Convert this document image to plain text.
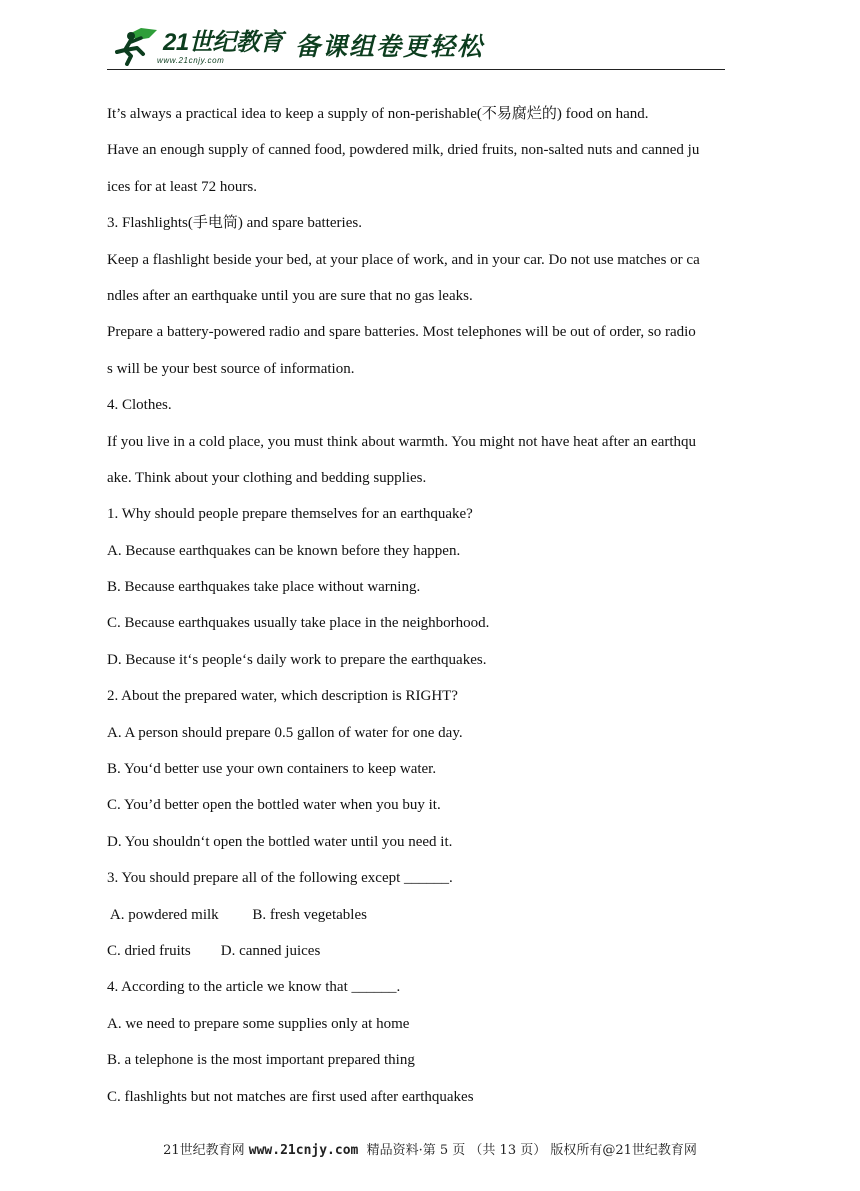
21世纪教育
www.21cnjy.com	备课组卷更轻松
It’s always a practical idea to keep a supply of non-perishable(不易腐烂的) food on hand.
Have an enough supply of canned food, powdered milk, dried fruits, non-salted nuts and canned ju
ices for at least 72 hours.
3. Flashlights(手电筒) and spare batteries.
Keep a flashlight beside your bed, at your place of work, and in your car. Do not use matches or ca
ndles after an earthquake until you are sure that no gas leaks.
Prepare a battery-powered radio and spare batteries. Most telephones will be out of order, so radio
s will be your best source of information.
4. Clothes.
If you live in a cold place, you must think about warmth. You might not have heat after an earthqu
ake. Think about your clothing and bedding supplies.
1. Why should people prepare themselves for an earthquake?
A. Because earthquakes can be known before they happen.
B. Because earthquakes take place without warning.
C. Because earthquakes usually take place in the neighborhood.
D. Because it‘s people‘s daily work to prepare the earthquakes.
2. About the prepared water, which description is RIGHT?
A. A person should prepare 0.5 gallon of water for one day.
B. You‘d better use your own containers to keep water.
C. You’d better open the bottled water when you buy it.
D. You shouldn‘t open the bottled water until you need it.
3. You should prepare all of the following except ______.
A. powdered milk         B. fresh vegetables
C. dried fruits        D. canned juices
4. According to the article we know that ______.
A. we need to prepare some supplies only at home
B. a telephone is the most important prepared thing
C. flashlights but not matches are first used after earthquakes
21世纪教育网 www.21cnjy.com  精品资料·第 5 页 （共 13 页） 版权所有@21世纪教育网
